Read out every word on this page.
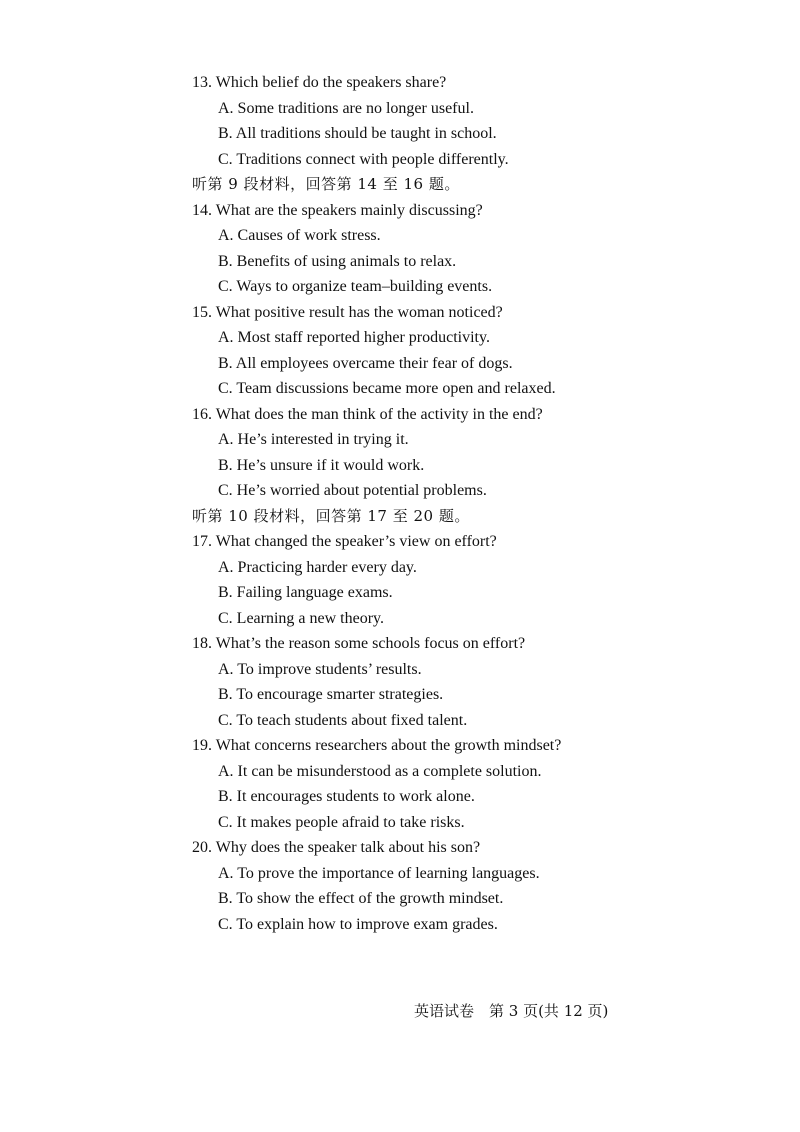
13. Which belief do the speakers share?
A. Some traditions are no longer useful.
B. All traditions should be taught in school.
C. Traditions connect with people differently.
听第 9 段材料，回答第 14 至 16 题。
14. What are the speakers mainly discussing?
A. Causes of work stress.
B. Benefits of using animals to relax.
C. Ways to organize team–building events.
15. What positive result has the woman noticed?
A. Most staff reported higher productivity.
B. All employees overcame their fear of dogs.
C. Team discussions became more open and relaxed.
16. What does the man think of the activity in the end?
A. He’s interested in trying it.
B. He’s unsure if it would work.
C. He’s worried about potential problems.
听第 10 段材料，回答第 17 至 20 题。
17. What changed the speaker’s view on effort?
A. Practicing harder every day.
B. Failing language exams.
C. Learning a new theory.
18. What’s the reason some schools focus on effort?
A. To improve students’ results.
B. To encourage smarter strategies.
C. To teach students about fixed talent.
19. What concerns researchers about the growth mindset?
A. It can be misunderstood as a complete solution.
B. It encourages students to work alone.
C. It makes people afraid to take risks.
20. Why does the speaker talk about his son?
A. To prove the importance of learning languages.
B. To show the effect of the growth mindset.
C. To explain how to improve exam grades.
英语试卷　第 3 页(共 12 页)
